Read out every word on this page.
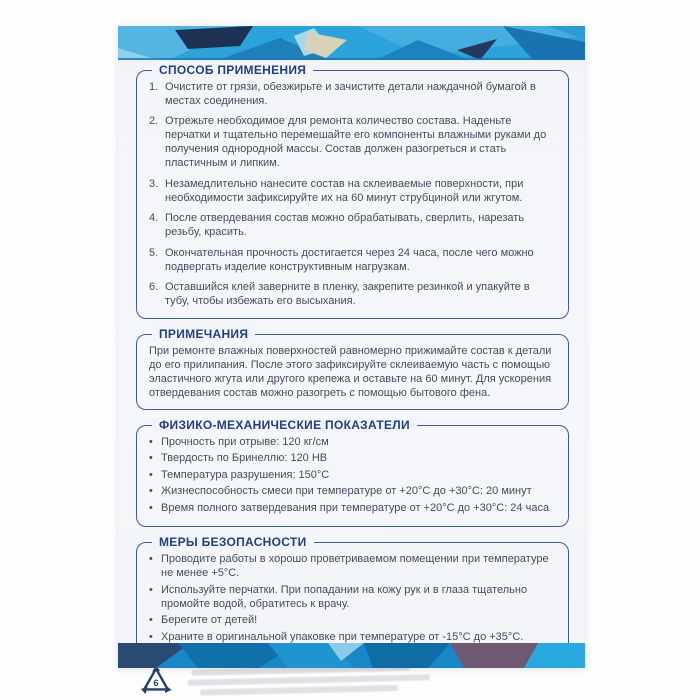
СПОСОБ ПРИМЕНЕНИЯ
1. Очистите от грязи, обезжирьте и зачистите детали наждачной бумагой в местах соединения.
2. Отрежьте необходимое для ремонта количество состава. Наденьте перчатки и тщательно перемешайте его компоненты влажными руками до получения однородной массы. Состав должен разогреться и стать пластичным и липким.
3. Незамедлительно нанесите состав на склеиваемые поверхности, при необходимости зафиксируйте их на 60 минут струбциной или жгутом.
4. После отвердевания состав можно обрабатывать, сверлить, нарезать резьбу, красить.
5. Окончательная прочность достигается через 24 часа, после чего можно подвергать изделие конструктивным нагрузкам.
6. Оставшийся клей заверните в пленку, закрепите резинкой и упакуйте в тубу, чтобы избежать его высыхания.
ПРИМЕЧАНИЯ

При ремонте влажных поверхностей равномерно прижимайте состав к детали до его прилипания. После этого зафиксируйте склеиваемую часть с помощью эластичного жгута или другого крепежа и оставьте на 60 минут. Для ускорения отвердевания состав можно разогреть с помощью бытового фена.

ФИЗИКО-МЕХАНИЧЕСКИЕ ПОКАЗАТЕЛИ
• Прочность при отрыве: 120 кг/см
• Твердость по Бринеллю: 120 НВ
• Температура разрушения: 150°С
• Жизнеспособность смеси при температуре от +20°С до +30°С: 20 минут
• Время полного затвердевания при температуре от +20°С до +30°С: 24 часа
МЕРЫ БЕЗОПАСНОСТИ
• Проводите работы в хорошо проветриваемом помещении при температуре не менее +5°С.
• Используйте перчатки. При попадании на кожу рук и в глаза тщательно промойте водой, обратитесь к врачу.
• Берегите от детей!
• Храните в оригинальной упаковке при температуре от -15°С до +35°С.
6
